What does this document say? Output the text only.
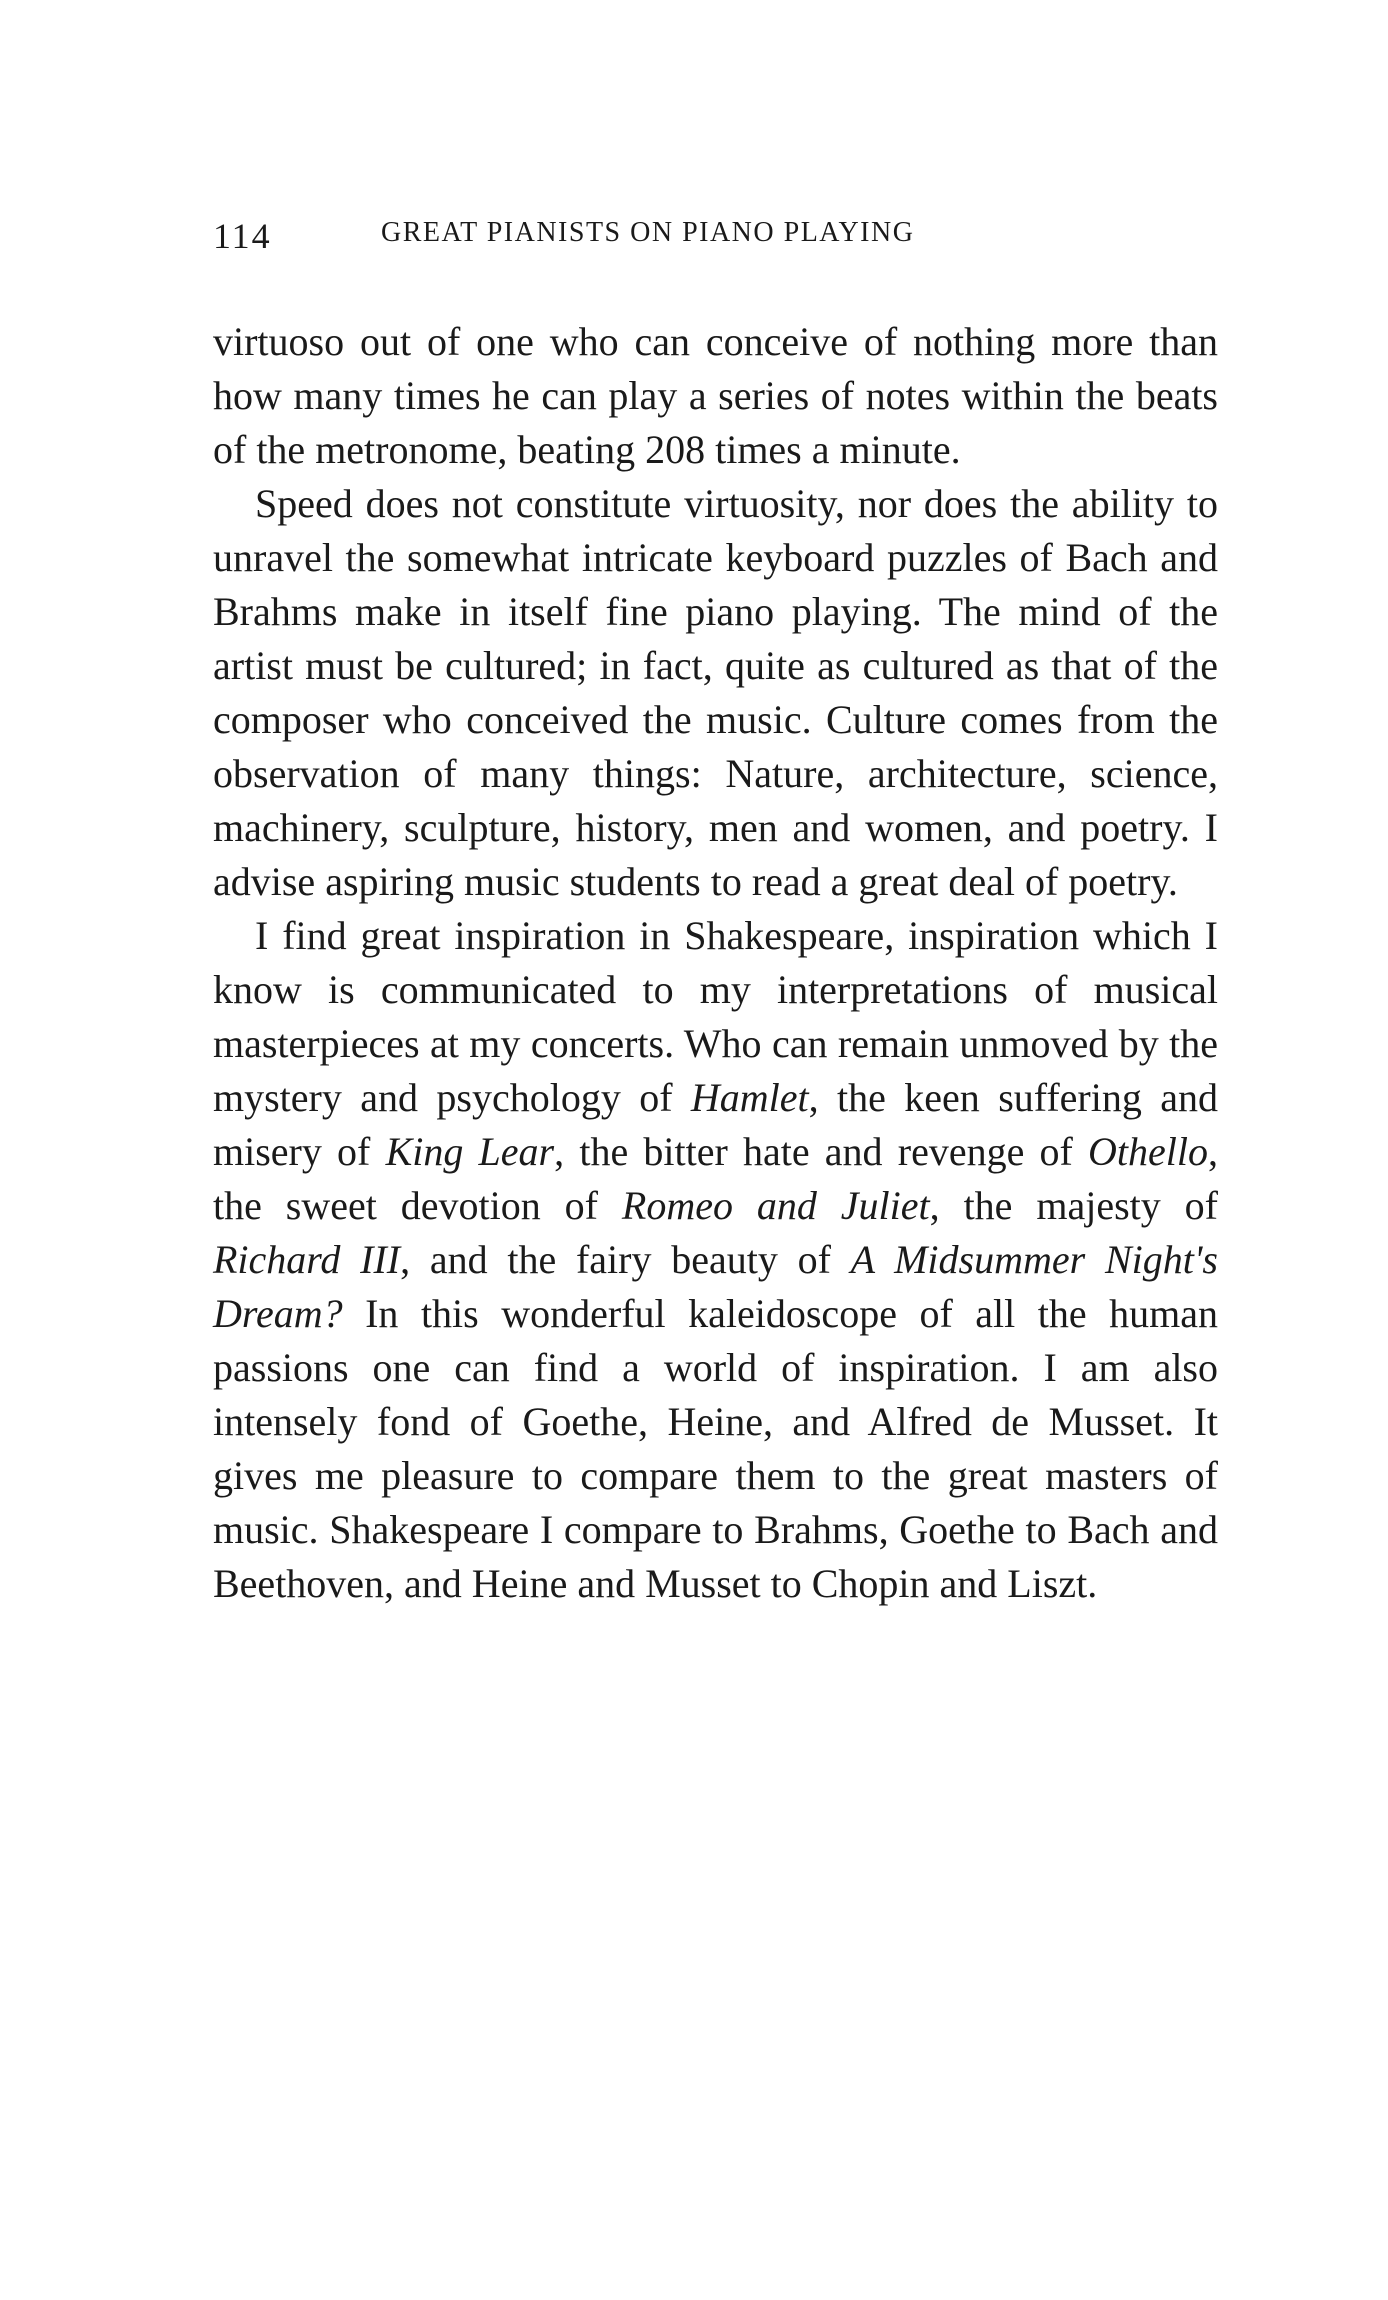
114	GREAT PIANISTS ON PIANO PLAYING

virtuoso out of one who can conceive of nothing more than how many times he can play a series of notes within the beats of the metronome, beating 208 times a minute.

Speed does not constitute virtuosity, nor does the ability to unravel the somewhat intricate keyboard puzzles of Bach and Brahms make in itself fine piano playing. The mind of the artist must be cultured; in fact, quite as cultured as that of the composer who conceived the music. Culture comes from the observation of many things: Nature, architecture, science, machinery, sculpture, history, men and women, and poetry. I advise aspiring music students to read a great deal of poetry.

I find great inspiration in Shakespeare, inspiration which I know is communicated to my interpretations of musical masterpieces at my concerts. Who can remain unmoved by the mystery and psychology of Hamlet, the keen suffering and misery of King Lear, the bitter hate and revenge of Othello, the sweet devotion of Romeo and Juliet, the majesty of Richard III, and the fairy beauty of A Midsummer Night's Dream? In this wonderful kaleidoscope of all the human passions one can find a world of inspiration. I am also intensely fond of Goethe, Heine, and Alfred de Musset. It gives me pleasure to compare them to the great masters of music. Shakespeare I compare to Brahms, Goethe to Bach and Beethoven, and Heine and Musset to Chopin and Liszt.
